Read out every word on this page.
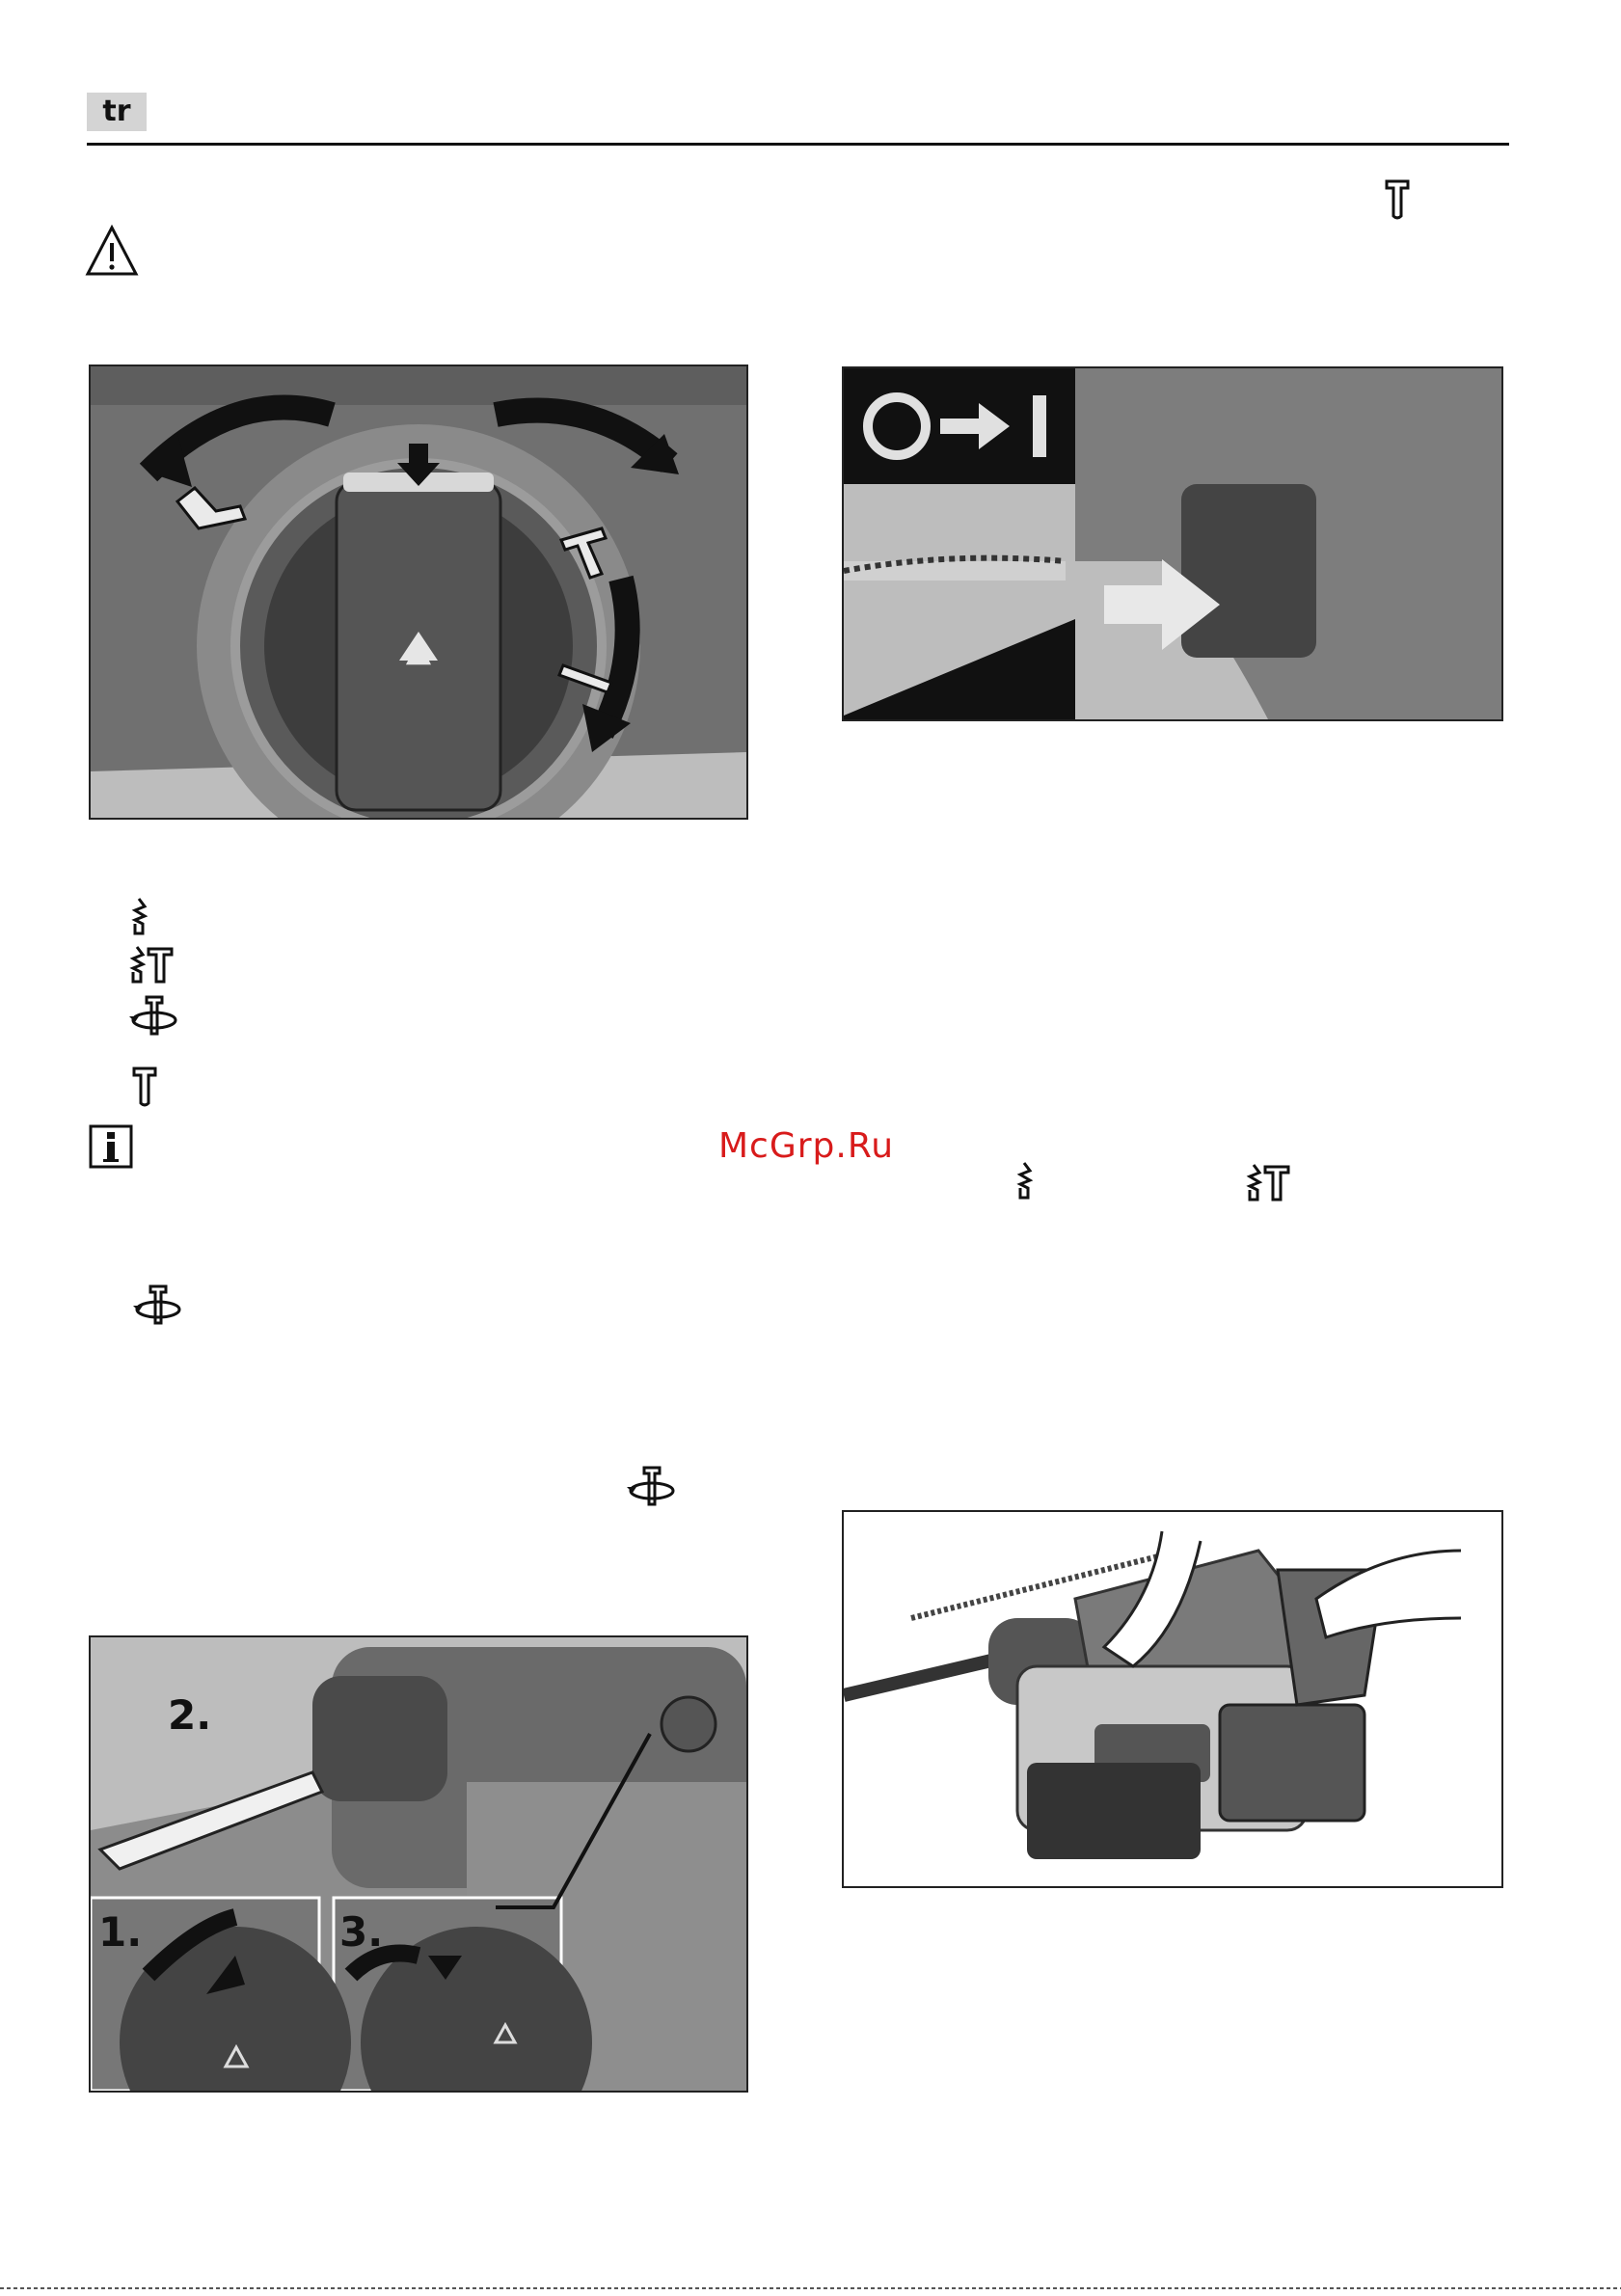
tr
▲
O→I
McGrp.Ru
2.
1.	3.
